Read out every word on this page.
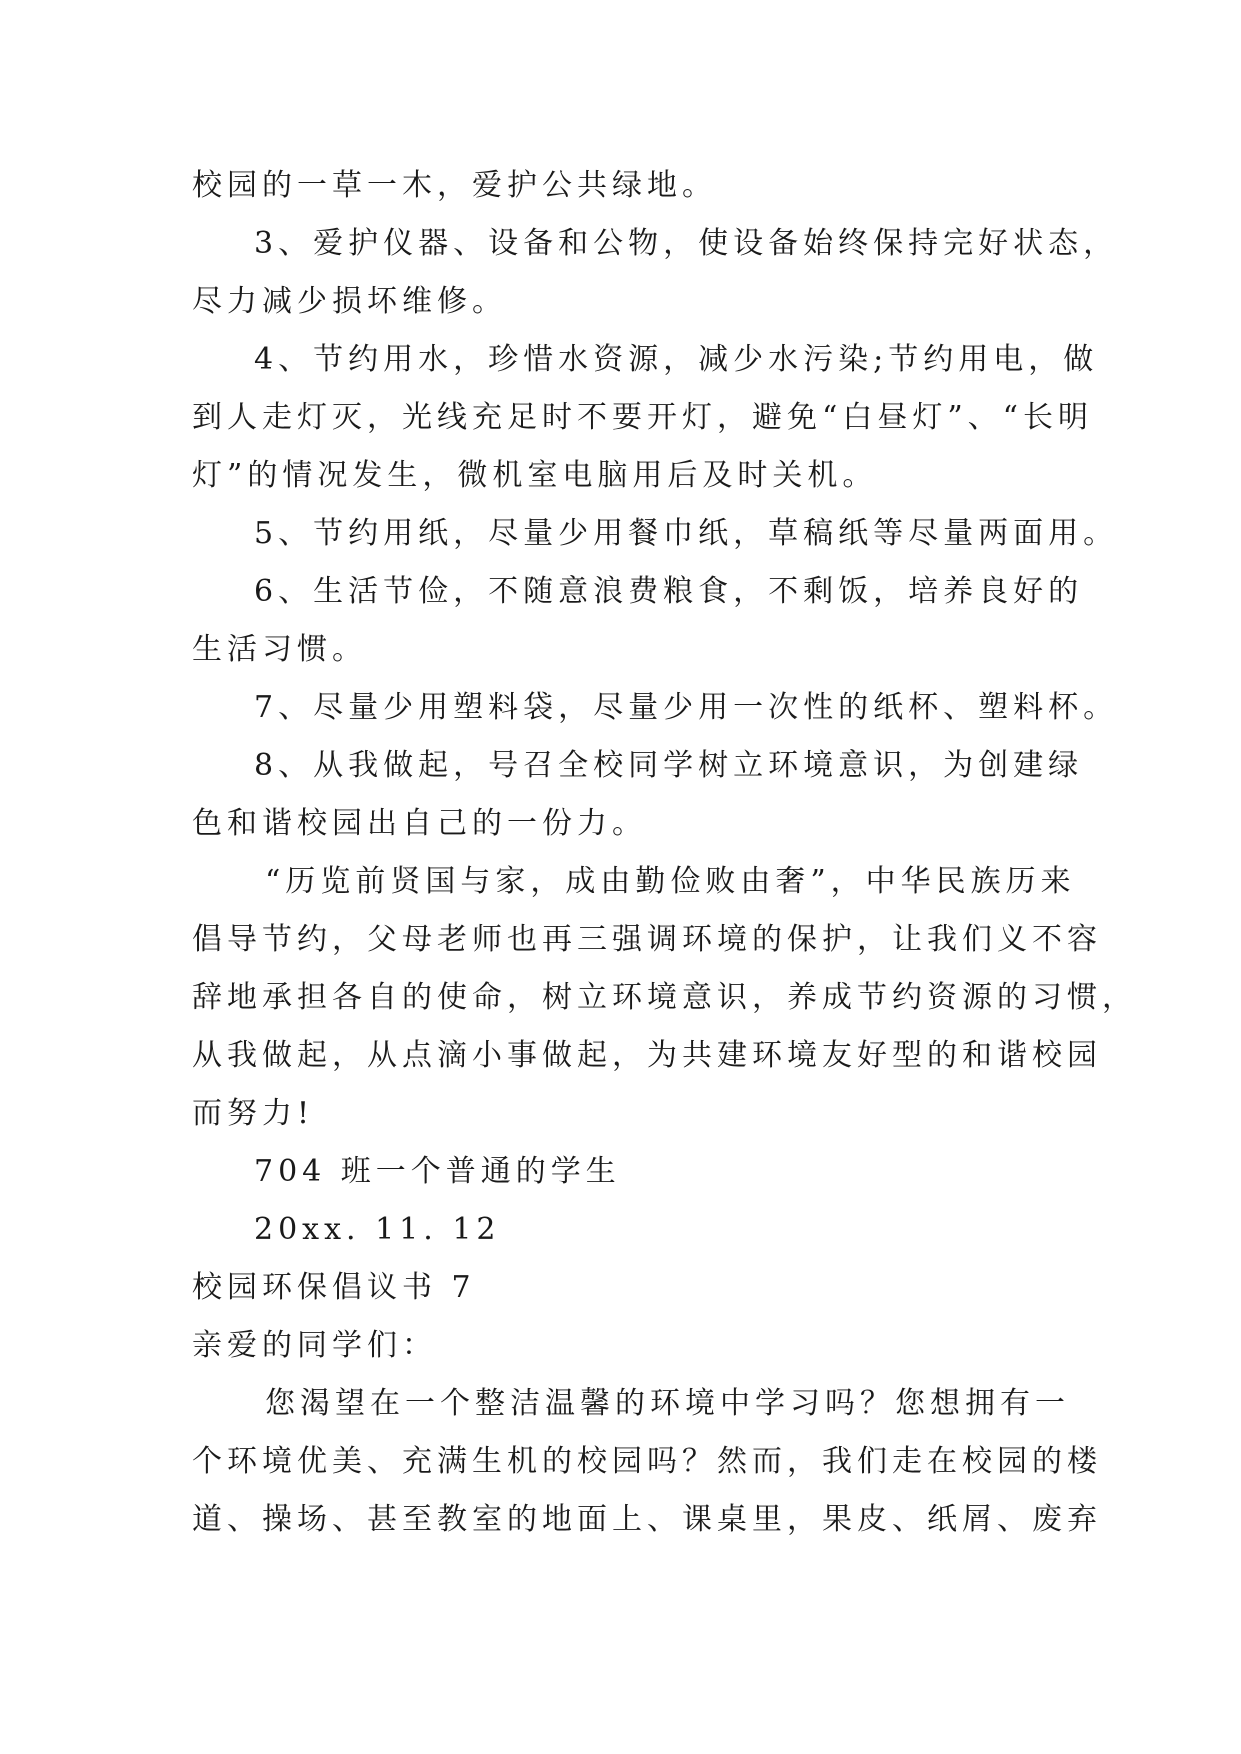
校园的一草一木，爱护公共绿地。
3、爱护仪器、设备和公物，使设备始终保持完好状态，
尽力减少损坏维修。
4、节约用水，珍惜水资源，减少水污染;节约用电，做
到人走灯灭，光线充足时不要开灯，避免“白昼灯”、“长明
灯”的情况发生，微机室电脑用后及时关机。
5、节约用纸，尽量少用餐巾纸，草稿纸等尽量两面用。
6、生活节俭，不随意浪费粮食，不剩饭，培养良好的
生活习惯。
7、尽量少用塑料袋，尽量少用一次性的纸杯、塑料杯。
8、从我做起，号召全校同学树立环境意识，为创建绿
色和谐校园出自己的一份力。
“历览前贤国与家，成由勤俭败由奢”，中华民族历来
倡导节约，父母老师也再三强调环境的保护，让我们义不容
辞地承担各自的使命，树立环境意识，养成节约资源的习惯，
从我做起，从点滴小事做起，为共建环境友好型的和谐校园
而努力!
704 班一个普通的学生
20xx. 11. 12
校园环保倡议书 7
亲爱的同学们：
您渴望在一个整洁温馨的环境中学习吗？您想拥有一
个环境优美、充满生机的校园吗？然而，我们走在校园的楼
道、操场、甚至教室的地面上、课桌里，果皮、纸屑、废弃
